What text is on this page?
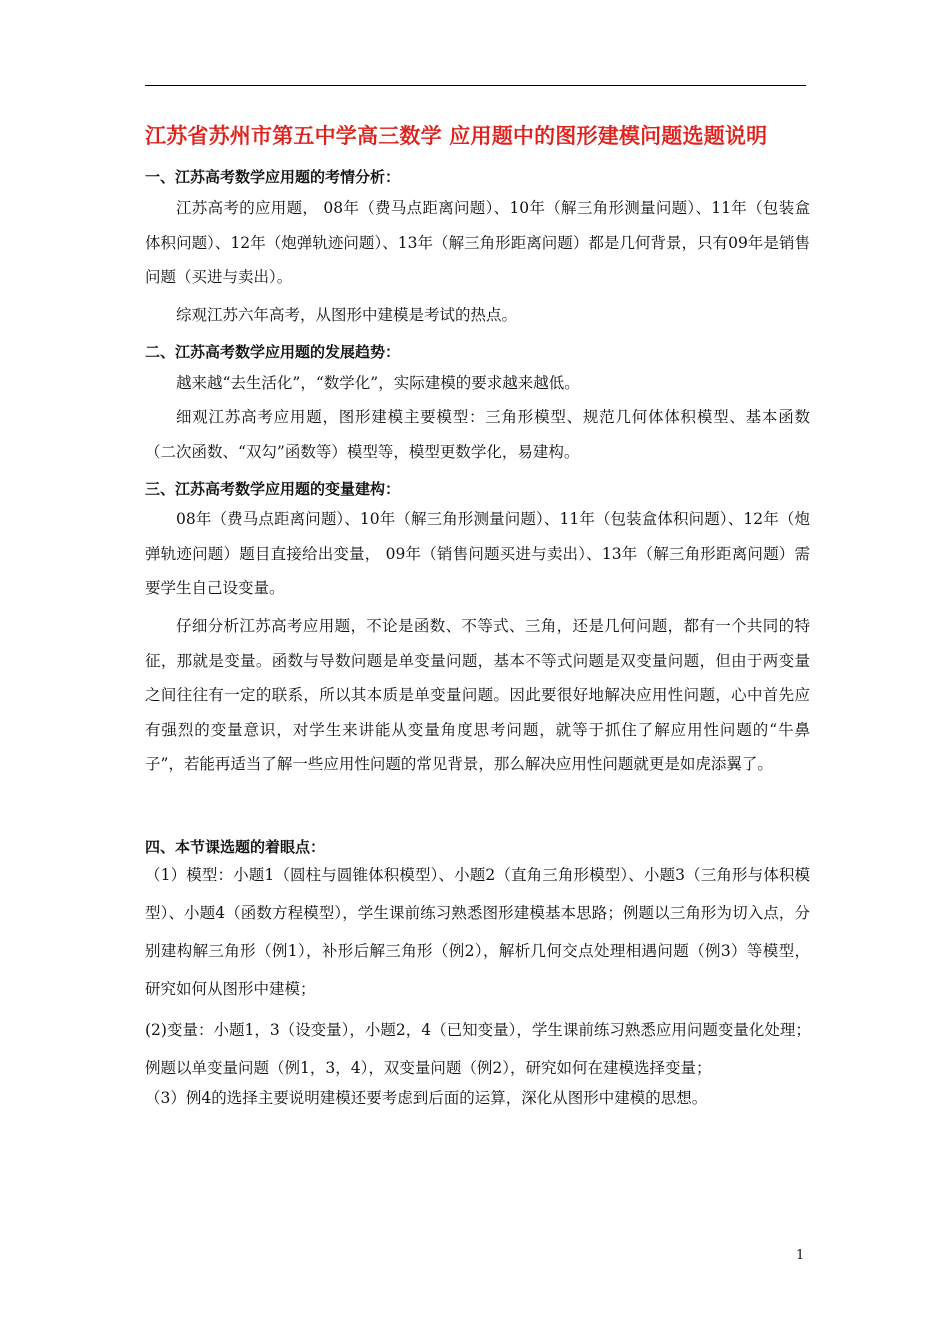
江苏省苏州市第五中学高三数学 应用题中的图形建模问题选题说明
一、江苏高考数学应用题的考情分析：
江苏高考的应用题， 08年（费马点距离问题）、10年（解三角形测量问题）、11年（包装盒体积问题）、12年（炮弹轨迹问题）、13年（解三角形距离问题）都是几何背景，只有09年是销售问题（买进与卖出）。
综观江苏六年高考，从图形中建模是考试的热点。
二、江苏高考数学应用题的发展趋势：
越来越“去生活化”，“数学化”，实际建模的要求越来越低。
细观江苏高考应用题，图形建模主要模型：三角形模型、规范几何体体积模型、基本函数（二次函数、“双勾”函数等）模型等，模型更数学化，易建构。
三、江苏高考数学应用题的变量建构：
08年（费马点距离问题）、10年（解三角形测量问题）、11年（包装盒体积问题）、12年（炮弹轨迹问题）题目直接给出变量， 09年（销售问题买进与卖出）、13年（解三角形距离问题）需要学生自己设变量。
仔细分析江苏高考应用题，不论是函数、不等式、三角，还是几何问题，都有一个共同的特征，那就是变量。函数与导数问题是单变量问题，基本不等式问题是双变量问题，但由于两变量之间往往有一定的联系，所以其本质是单变量问题。因此要很好地解决应用性问题，心中首先应有强烈的变量意识，对学生来讲能从变量角度思考问题，就等于抓住了解应用性问题的“牛鼻子”，若能再适当了解一些应用性问题的常见背景，那么解决应用性问题就更是如虎添翼了。
四、本节课选题的着眼点：
（1）模型：小题1（圆柱与圆锥体积模型）、小题2（直角三角形模型）、小题3（三角形与体积模型）、小题4（函数方程模型），学生课前练习熟悉图形建模基本思路；例题以三角形为切入点，分别建构解三角形（例1），补形后解三角形（例2），解析几何交点处理相遇问题（例3）等模型，研究如何从图形中建模；
(2)变量：小题1，3（设变量），小题2，4（已知变量），学生课前练习熟悉应用问题变量化处理；
例题以单变量问题（例1，3，4），双变量问题（例2），研究如何在建模选择变量；
（3）例4的选择主要说明建模还要考虑到后面的运算，深化从图形中建模的思想。
1
